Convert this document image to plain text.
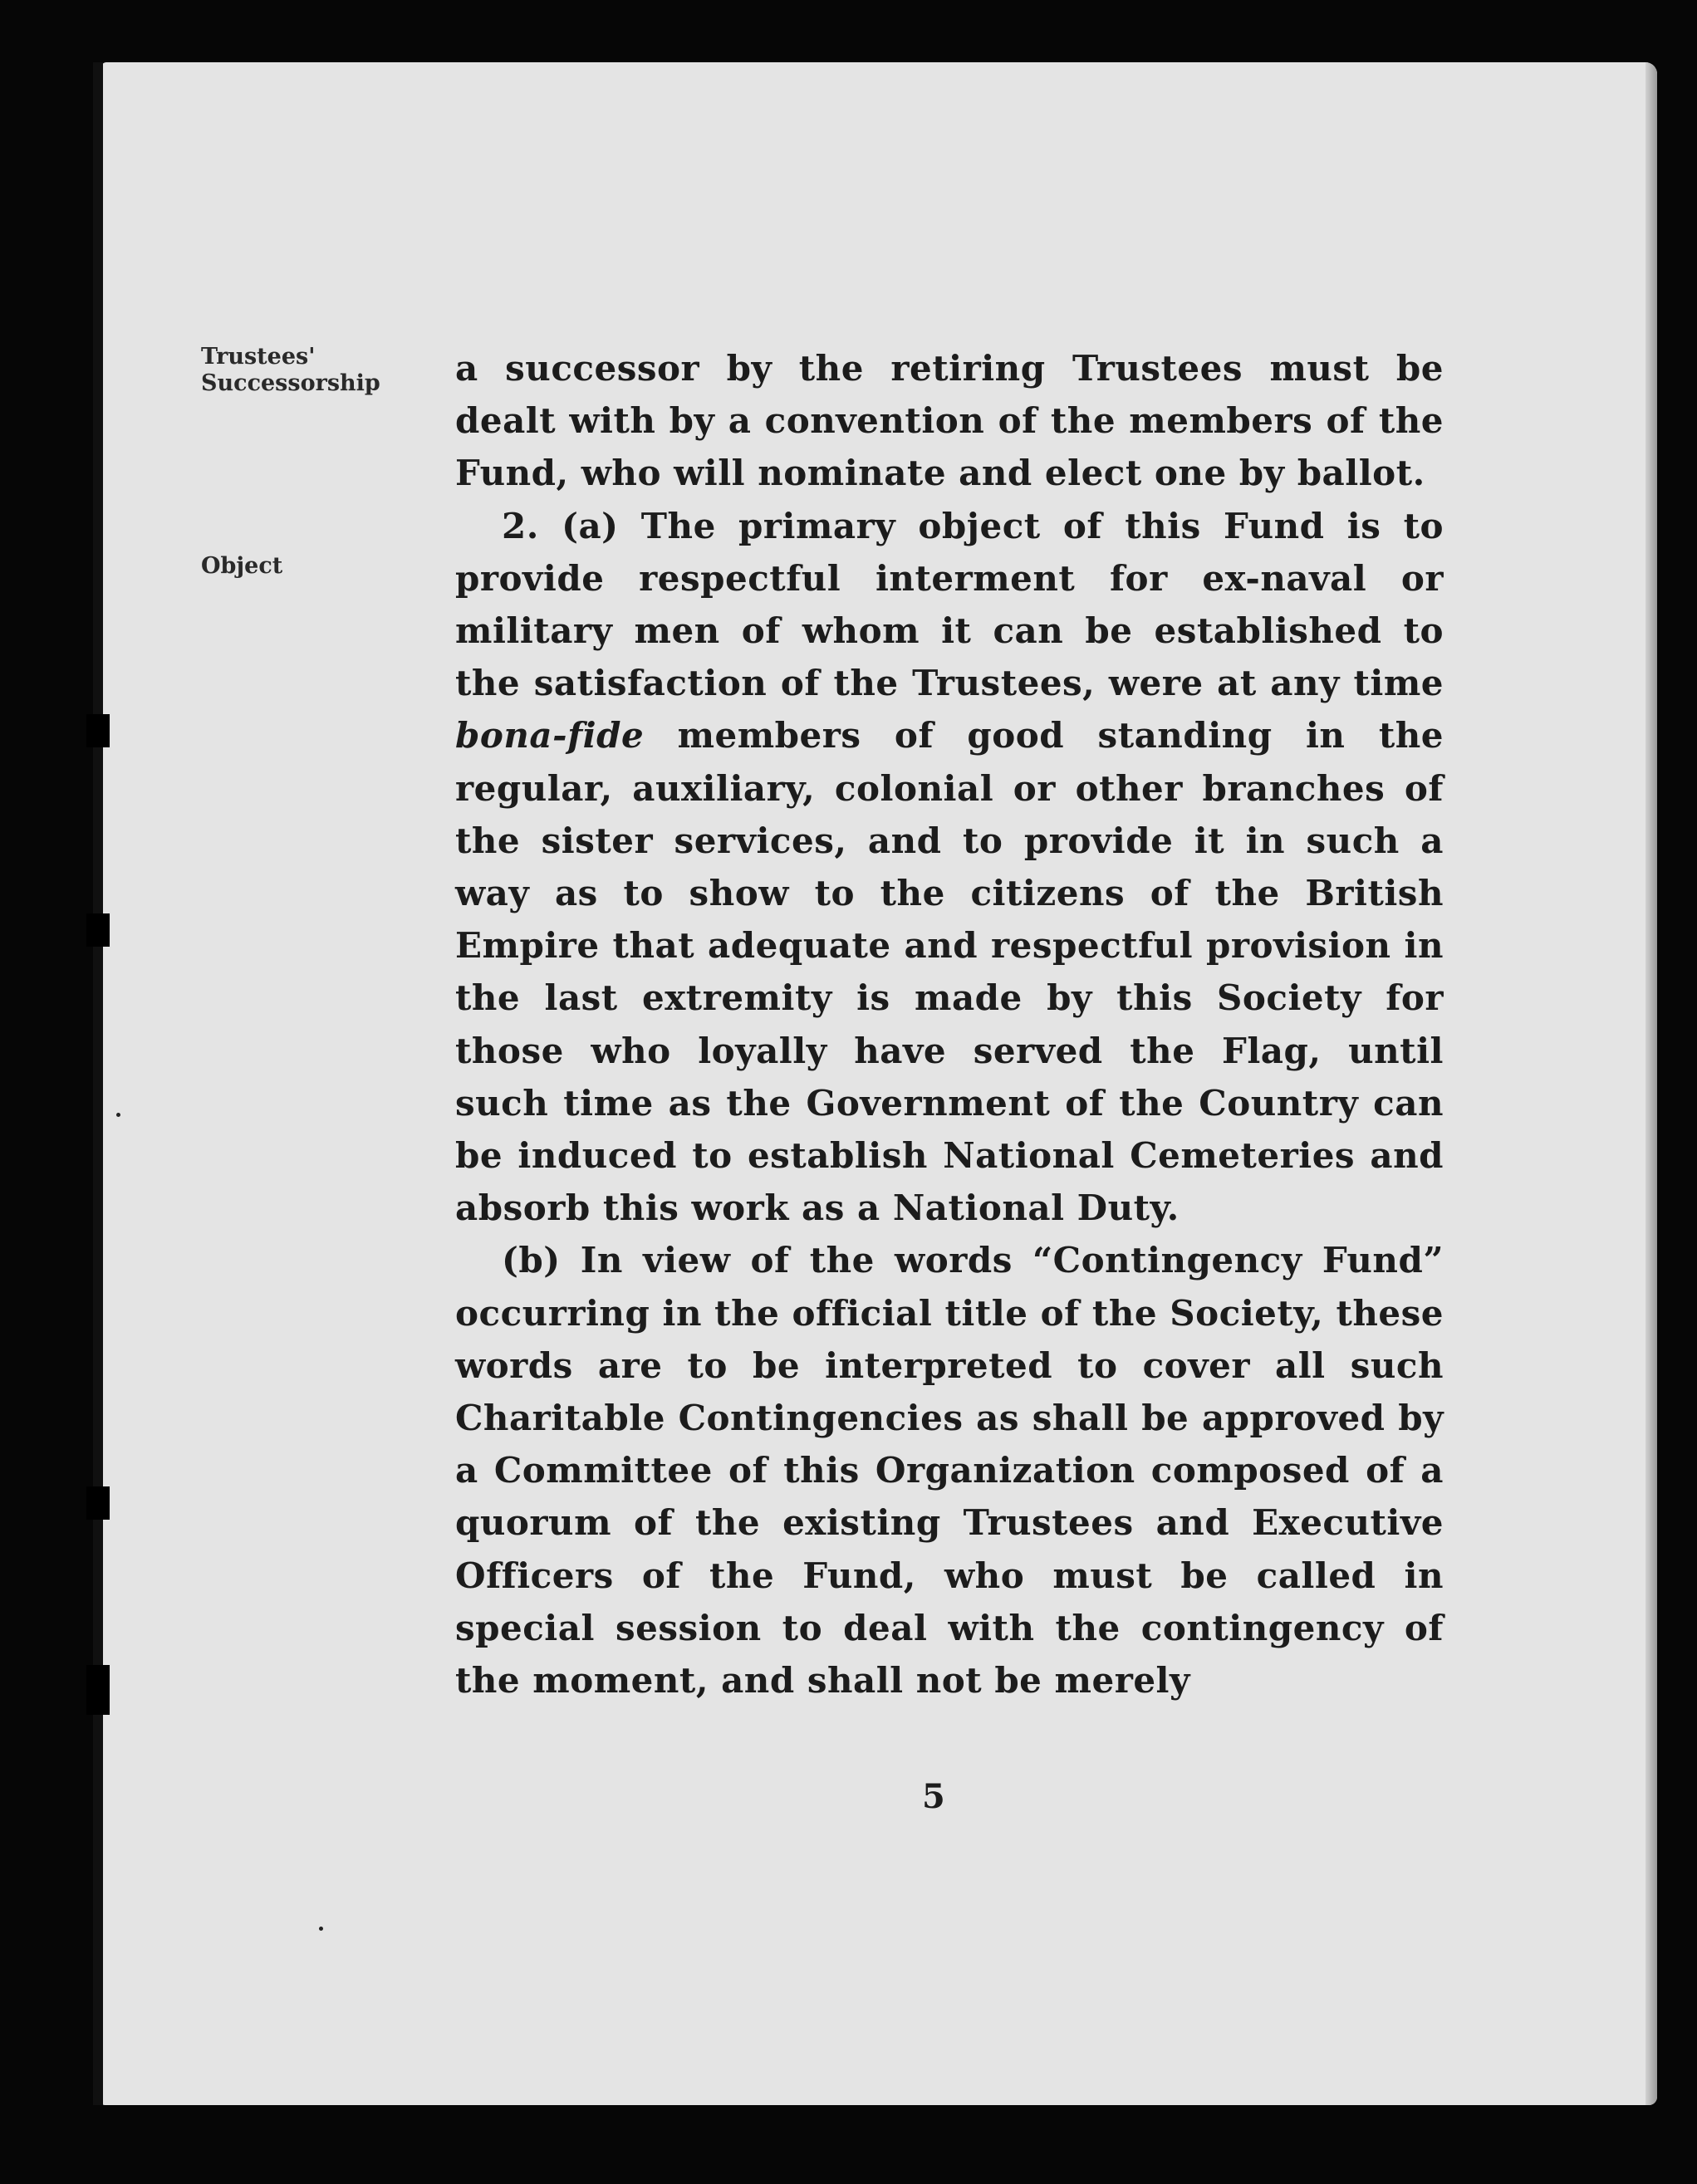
Trustees'
Successorship

Object

a successor by the retiring Trustees must be dealt with by a convention of the members of the Fund, who will nominate and elect one by ballot.

2. (a) The primary object of this Fund is to provide respectful interment for ex-naval or military men of whom it can be established to the satisfaction of the Trustees, were at any time bona-fide members of good standing in the regular, auxiliary, colonial or other branches of the sister services, and to provide it in such a way as to show to the citizens of the British Empire that adequate and respectful provision in the last extremity is made by this Society for those who loyally have served the Flag, until such time as the Government of the Country can be induced to establish National Cemeteries and absorb this work as a National Duty.

(b) In view of the words “Contingency Fund” occurring in the official title of the Society, these words are to be interpreted to cover all such Charitable Contingencies as shall be approved by a Committee of this Organization composed of a quorum of the existing Trustees and Executive Officers of the Fund, who must be called in special session to deal with the contingency of the moment, and shall not be merely

5
